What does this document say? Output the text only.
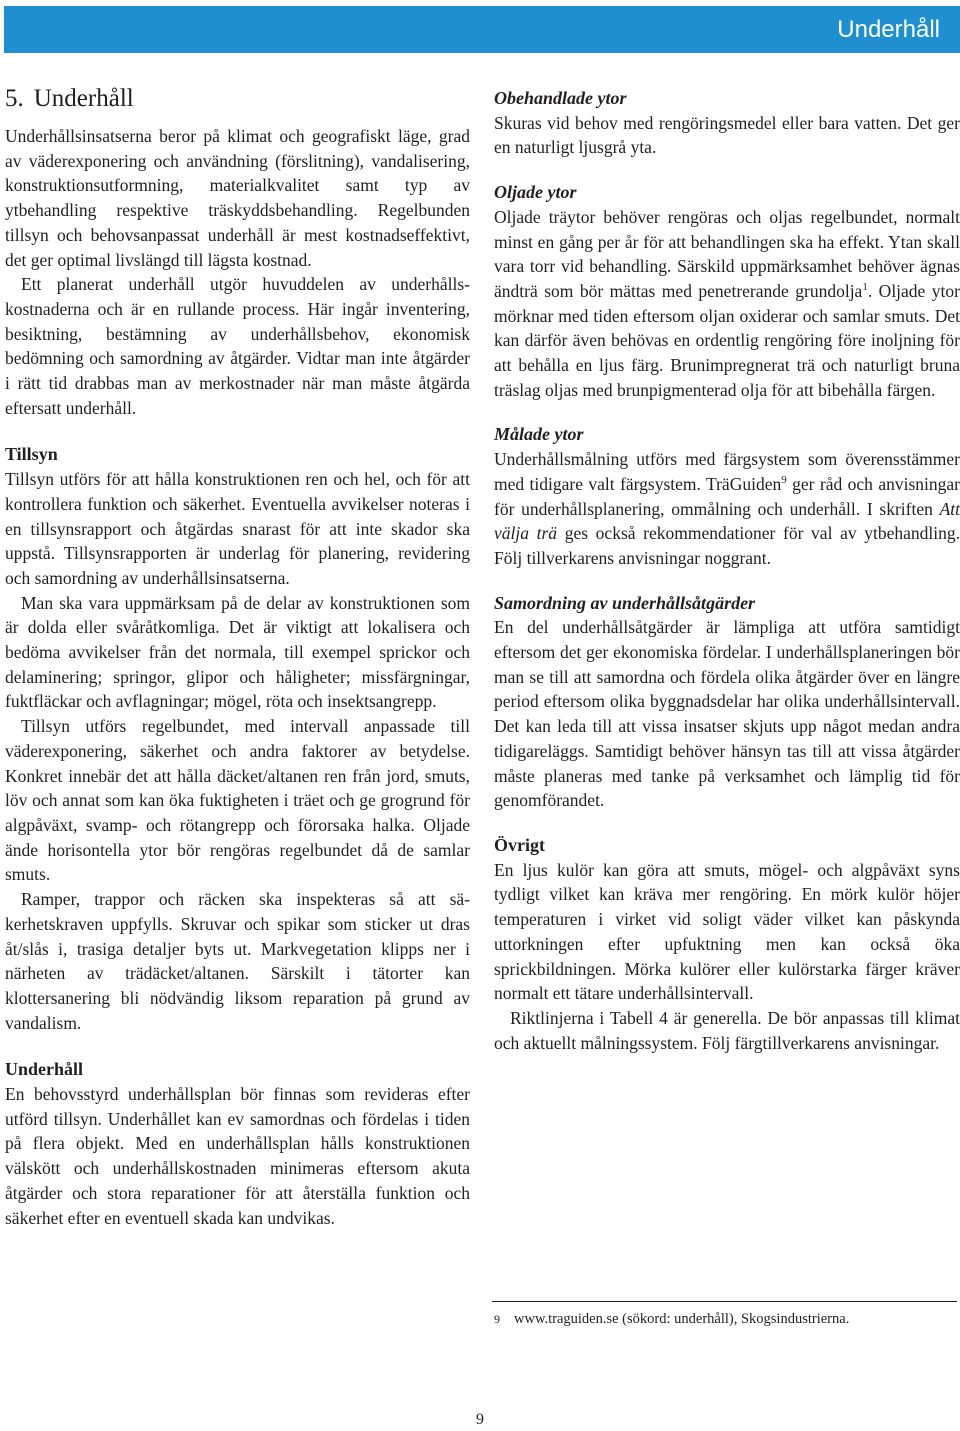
Underhåll
5. Underhåll

Underhållsinsatserna beror på klimat och geografiskt läge, grad av väderexponering och användning (förslitning), vandalisering, konstruktionsutformning, materialkvalitet samt typ av ytbehandling respektive träskyddsbehandling. Regelbunden tillsyn och behovsanpassat underhåll är mest kostnadseffektivt, det ger optimal livslängd till lägsta kostnad.

Ett planerat underhåll utgör huvuddelen av underhållskostnaderna och är en rullande process. Här ingår inventering, besiktning, bestämning av underhållsbehov, ekonomisk bedömning och samordning av åtgärder. Vidtar man inte åtgärder i rätt tid drabbas man av merkostnader när man måste åtgärda eftersatt underhåll.

Tillsyn

Tillsyn utförs för att hålla konstruktionen ren och hel, och för att kontrollera funktion och säkerhet. Eventuella avvikelser noteras i en tillsynsrapport och åtgärdas snarast för att inte skador ska uppstå. Tillsynsrapporten är underlag för planering, revidering och samordning av underhållsinsatserna.

Man ska vara uppmärksam på de delar av konstruktionen som är dolda eller svåråtkomliga. Det är viktigt att lokalisera och bedöma avvikelser från det normala, till exempel sprickor och delaminering; springor, glipor och håligheter; missfärgningar, fuktfläckar och avflagningar; mögel, röta och insektsangrepp.

Tillsyn utförs regelbundet, med intervall anpassade till väderexponering, säkerhet och andra faktorer av betydelse. Konkret innebär det att hålla däcket/altanen ren från jord, smuts, löv och annat som kan öka fuktigheten i träet och ge grogrund för algpåväxt, svamp- och rötangrepp och förorsaka halka. Oljade ände horisontella ytor bör rengöras regelbundet då de samlar smuts.

Ramper, trappor och räcken ska inspekteras så att säkerhetskraven uppfylls. Skruvar och spikar som sticker ut dras åt/slås i, trasiga detaljer byts ut. Markvegetation klipps ner i närheten av trädäcket/altanen. Särskilt i tätorter kan klottersanering bli nödvändig liksom reparation på grund av vandalism.

Underhåll

En behovsstyrd underhållsplan bör finnas som revideras efter utförd tillsyn. Underhållet kan ev samordnas och fördelas i tiden på flera objekt. Med en underhållsplan hålls konstruktionen välskött och underhållskostnaden minimeras eftersom akuta åtgärder och stora reparationer för att återställa funktion och säkerhet efter en eventuell skada kan undvikas.

Obehandlade ytor

Skuras vid behov med rengöringsmedel eller bara vatten. Det ger en naturligt ljusgrå yta.

Oljade ytor

Oljade träytor behöver rengöras och oljas regelbundet, normalt minst en gång per år för att behandlingen ska ha effekt. Ytan skall vara torr vid behandling. Särskild uppmärksamhet behöver ägnas ändträ som bör mättas med penetrerande grundolja$^1$. Oljade ytor mörknar med tiden eftersom oljan oxiderar och samlar smuts. Det kan därför även behövas en ordentlig rengöring före inoljning för att behålla en ljus färg. Brunimpregnerat trä och naturligt bruna träslag oljas med brunpigmenterad olja för att bibehålla färgen.

Målade ytor

Underhållsmålning utförs med färgsystem som överensstämmer med tidigare valt färgsystem. TräGuiden$^9$ ger råd och anvisningar för underhållsplanering, ommålning och underhåll. I skriften Att välja trä ges också rekommendationer för val av ytbehandling. Följ tillverkarens anvisningar noggrant.

Samordning av underhållsåtgärder

En del underhållsåtgärder är lämpliga att utföra samtidigt eftersom det ger ekonomiska fördelar. I underhållsplaneringen bör man se till att samordna och fördela olika åtgärder över en längre period eftersom olika byggnadsdelar har olika underhållsintervall. Det kan leda till att vissa insatser skjuts upp något medan andra tidigareläggs. Samtidigt behöver hänsyn tas till att vissa åtgärder måste planeras med tanke på verksamhet och lämplig tid för genomförandet.

Övrigt

En ljus kulör kan göra att smuts, mögel- och algpåväxt syns tydligt vilket kan kräva mer rengöring. En mörk kulör höjer temperaturen i virket vid soligt väder vilket kan påskynda uttorkningen efter upfuktning men kan också öka sprickbildningen. Mörka kulörer eller kulörstarka färger kräver normalt ett tätare underhållsintervall.

Riktlinjerna i Tabell 4 är generella. De bör anpassas till klimat och aktuellt målningssystem. Följ färgtillverkarens anvisningar.

$^9$ www.traguiden.se (sökord: underhåll), Skogsindustrierna.
9
